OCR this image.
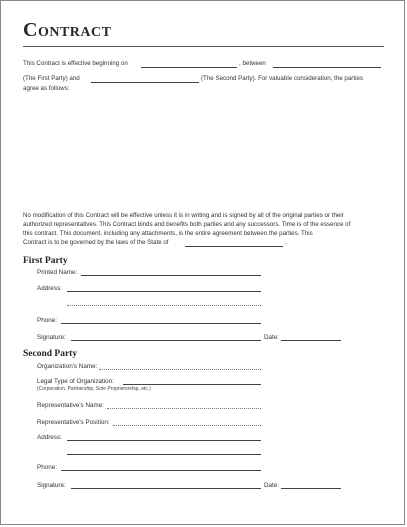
Contract
This Contract is effective beginning on	, between
(The First Party) and	(The Second Party). For valuable consideration, the parties
agree as follows:
No modification of this Contract will be effective unless it is in writing and is signed by all of the original parties or their
authorized representatives. This Contract binds and benefits both parties and any successors. Time is of the essence of
this contract. This document, including any attachments, is the entire agreement between the parties. This
Contract is to be governed by the laws of the State of	.
First Party
Printed Name:
Address:
Phone:
Signature:	Date:
Second Party
Organization's Name:
Legal Type of Organization:
(Corporation, Partnership, Sole Proprietorship, etc.)
Representative's Name:
Representative's Position:
Address:
Phone:
Signature:	Date:
